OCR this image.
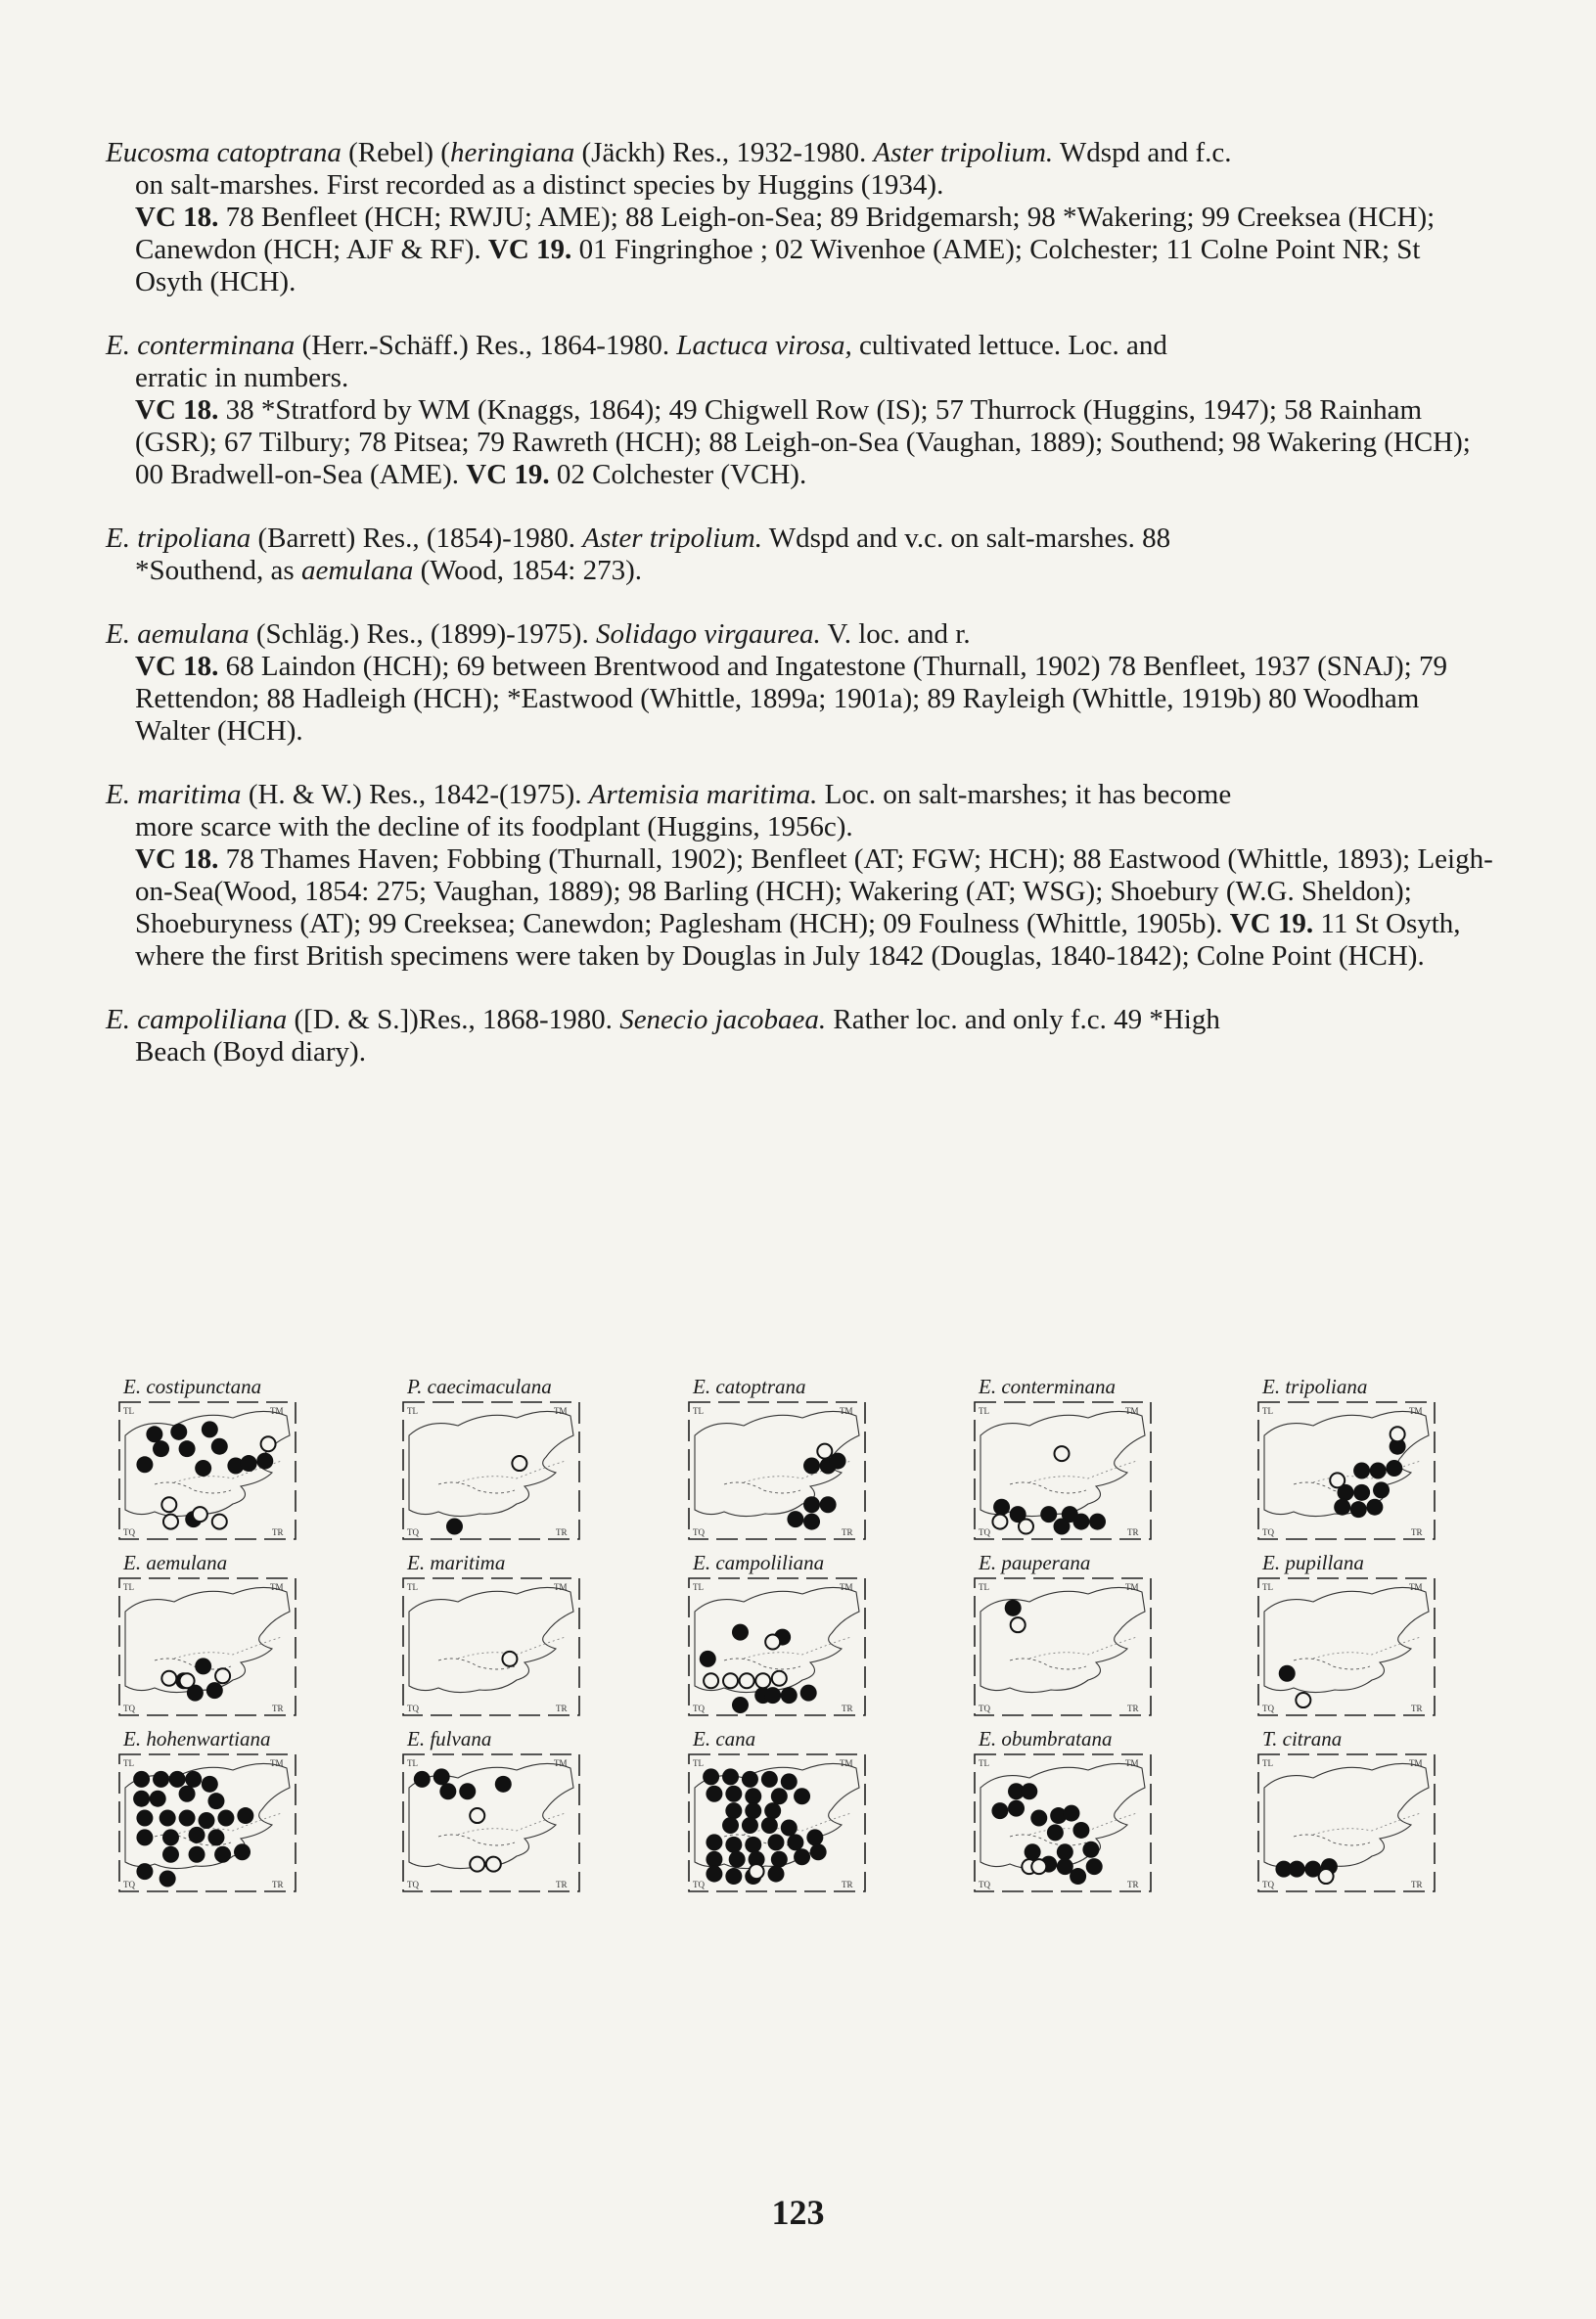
Eucosma catoptrana (Rebel) (heringiana (Jäckh) Res., 1932-1980. Aster tripolium. Wdspd and f.c.

on salt-marshes. First recorded as a distinct species by Huggins (1934).

VC 18. 78 Benfleet (HCH; RWJU; AME); 88 Leigh-on-Sea; 89 Bridgemarsh; 98 *Wakering; 99 Creeksea (HCH); Canewdon (HCH; AJF & RF). VC 19. 01 Fingringhoe ; 02 Wivenhoe (AME); Colchester; 11 Colne Point NR; St Osyth (HCH).

E. conterminana (Herr.-Schäff.) Res., 1864-1980. Lactuca virosa, cultivated lettuce. Loc. and

erratic in numbers.

VC 18. 38 *Stratford by WM (Knaggs, 1864); 49 Chigwell Row (IS); 57 Thurrock (Huggins, 1947); 58 Rainham (GSR); 67 Tilbury; 78 Pitsea; 79 Rawreth (HCH); 88 Leigh-on-Sea (Vaughan, 1889); Southend; 98 Wakering (HCH); 00 Bradwell-on-Sea (AME). VC 19. 02 Colchester (VCH).

E. tripoliana (Barrett) Res., (1854)-1980. Aster tripolium. Wdspd and v.c. on salt-marshes. 88

*Southend, as aemulana (Wood, 1854: 273).

E. aemulana (Schläg.) Res., (1899)-1975). Solidago virgaurea. V. loc. and r.

VC 18. 68 Laindon (HCH); 69 between Brentwood and Ingatestone (Thurnall, 1902) 78 Benfleet, 1937 (SNAJ); 79 Rettendon; 88 Hadleigh (HCH); *Eastwood (Whittle, 1899a; 1901a); 89 Rayleigh (Whittle, 1919b) 80 Woodham Walter (HCH).

E. maritima (H. & W.) Res., 1842-(1975). Artemisia maritima. Loc. on salt-marshes; it has become

more scarce with the decline of its foodplant (Huggins, 1956c).

VC 18. 78 Thames Haven; Fobbing (Thurnall, 1902); Benfleet (AT; FGW; HCH); 88 Eastwood (Whittle, 1893); Leigh-on-Sea(Wood, 1854: 275; Vaughan, 1889); 98 Barling (HCH); Wakering (AT; WSG); Shoebury (W.G. Sheldon); Shoeburyness (AT); 99 Creeksea; Canewdon; Paglesham (HCH); 09 Foulness (Whittle, 1905b). VC 19. 11 St Osyth, where the first British specimens were taken by Douglas in July 1842 (Douglas, 1840-1842); Colne Point (HCH).

E. campoliliana ([D. & S.])Res., 1868-1980. Senecio jacobaea. Rather loc. and only f.c. 49 *High

Beach (Boyd diary).

E. costipunctana
TL	TM
TQ	TR
P. caecimaculana
TL	TM
TQ	TR
E. catoptrana
TL	TM
TQ	TR
E. conterminana
TL	TM
TQ	TR
E. tripoliana
TL	TM
TQ	TR
E. aemulana
TL	TM
TQ	TR
E. maritima
TL	TM
TQ	TR
E. campoliliana
TL	TM
TQ	TR
E. pauperana
TL	TM
TQ	TR
E. pupillana
TL	TM
TQ	TR
E. hohenwartiana
TL	TM
TQ	TR
E. fulvana
TL	TM
TQ	TR
E. cana
TL	TM
TQ	TR
E. obumbratana
TL	TM
TQ	TR
T. citrana
TL	TM
TQ	TR
123
